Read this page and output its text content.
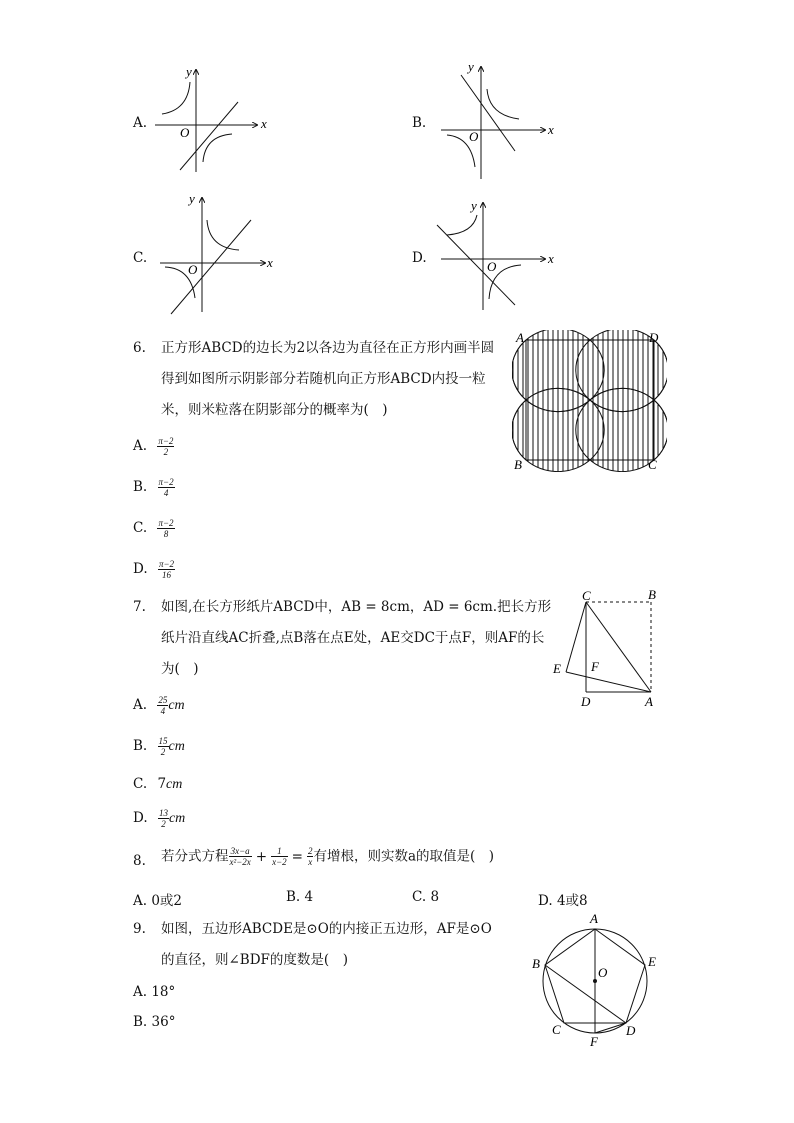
A.	x
y
O
B.	x
y
O
C.	x
y
O
D.	x
y
O
6. 正方形ABCD的边长为2以各边为直径在正方形内画半圆
得到如图所示阴影部分若随机向正方形ABCD内投一粒
米，则米粒落在阴影部分的概率为(　)
A. $\frac{\pi-2}{2}$
B. $\frac{\pi-2}{4}$
C. $\frac{\pi-2}{8}$
D. $\frac{\pi-2}{16}$
A	D
B	C
7. 如图,在长方形纸片ABCD中，AB = 8cm，AD = 6cm.把长方形
纸片沿直线AC折叠,点B落在点E处，AE交DC于点F，则AF的长
为(　)
A. $\frac{25}{4}$ cm
B. $\frac{15}{2}$ cm
C. 7cm
D. $\frac{13}{2}$ cm
C	B
E F
D	A
8. 若分式方程 $\frac{3x-a}{\text{x²−2x}} + \frac{1}{x-2} = \frac{2}{x}$ 有增根，则实数a的取值是(　)
A. 0或2	B. 4	C. 8	D. 4或8
9. 如图，五边形ABCDE是⊙O的内接正五边形，AF是⊙O
的直径，则∠BDF的度数是(　)
A. 18°
B. 36°
A
B	E
O
C	D
F
